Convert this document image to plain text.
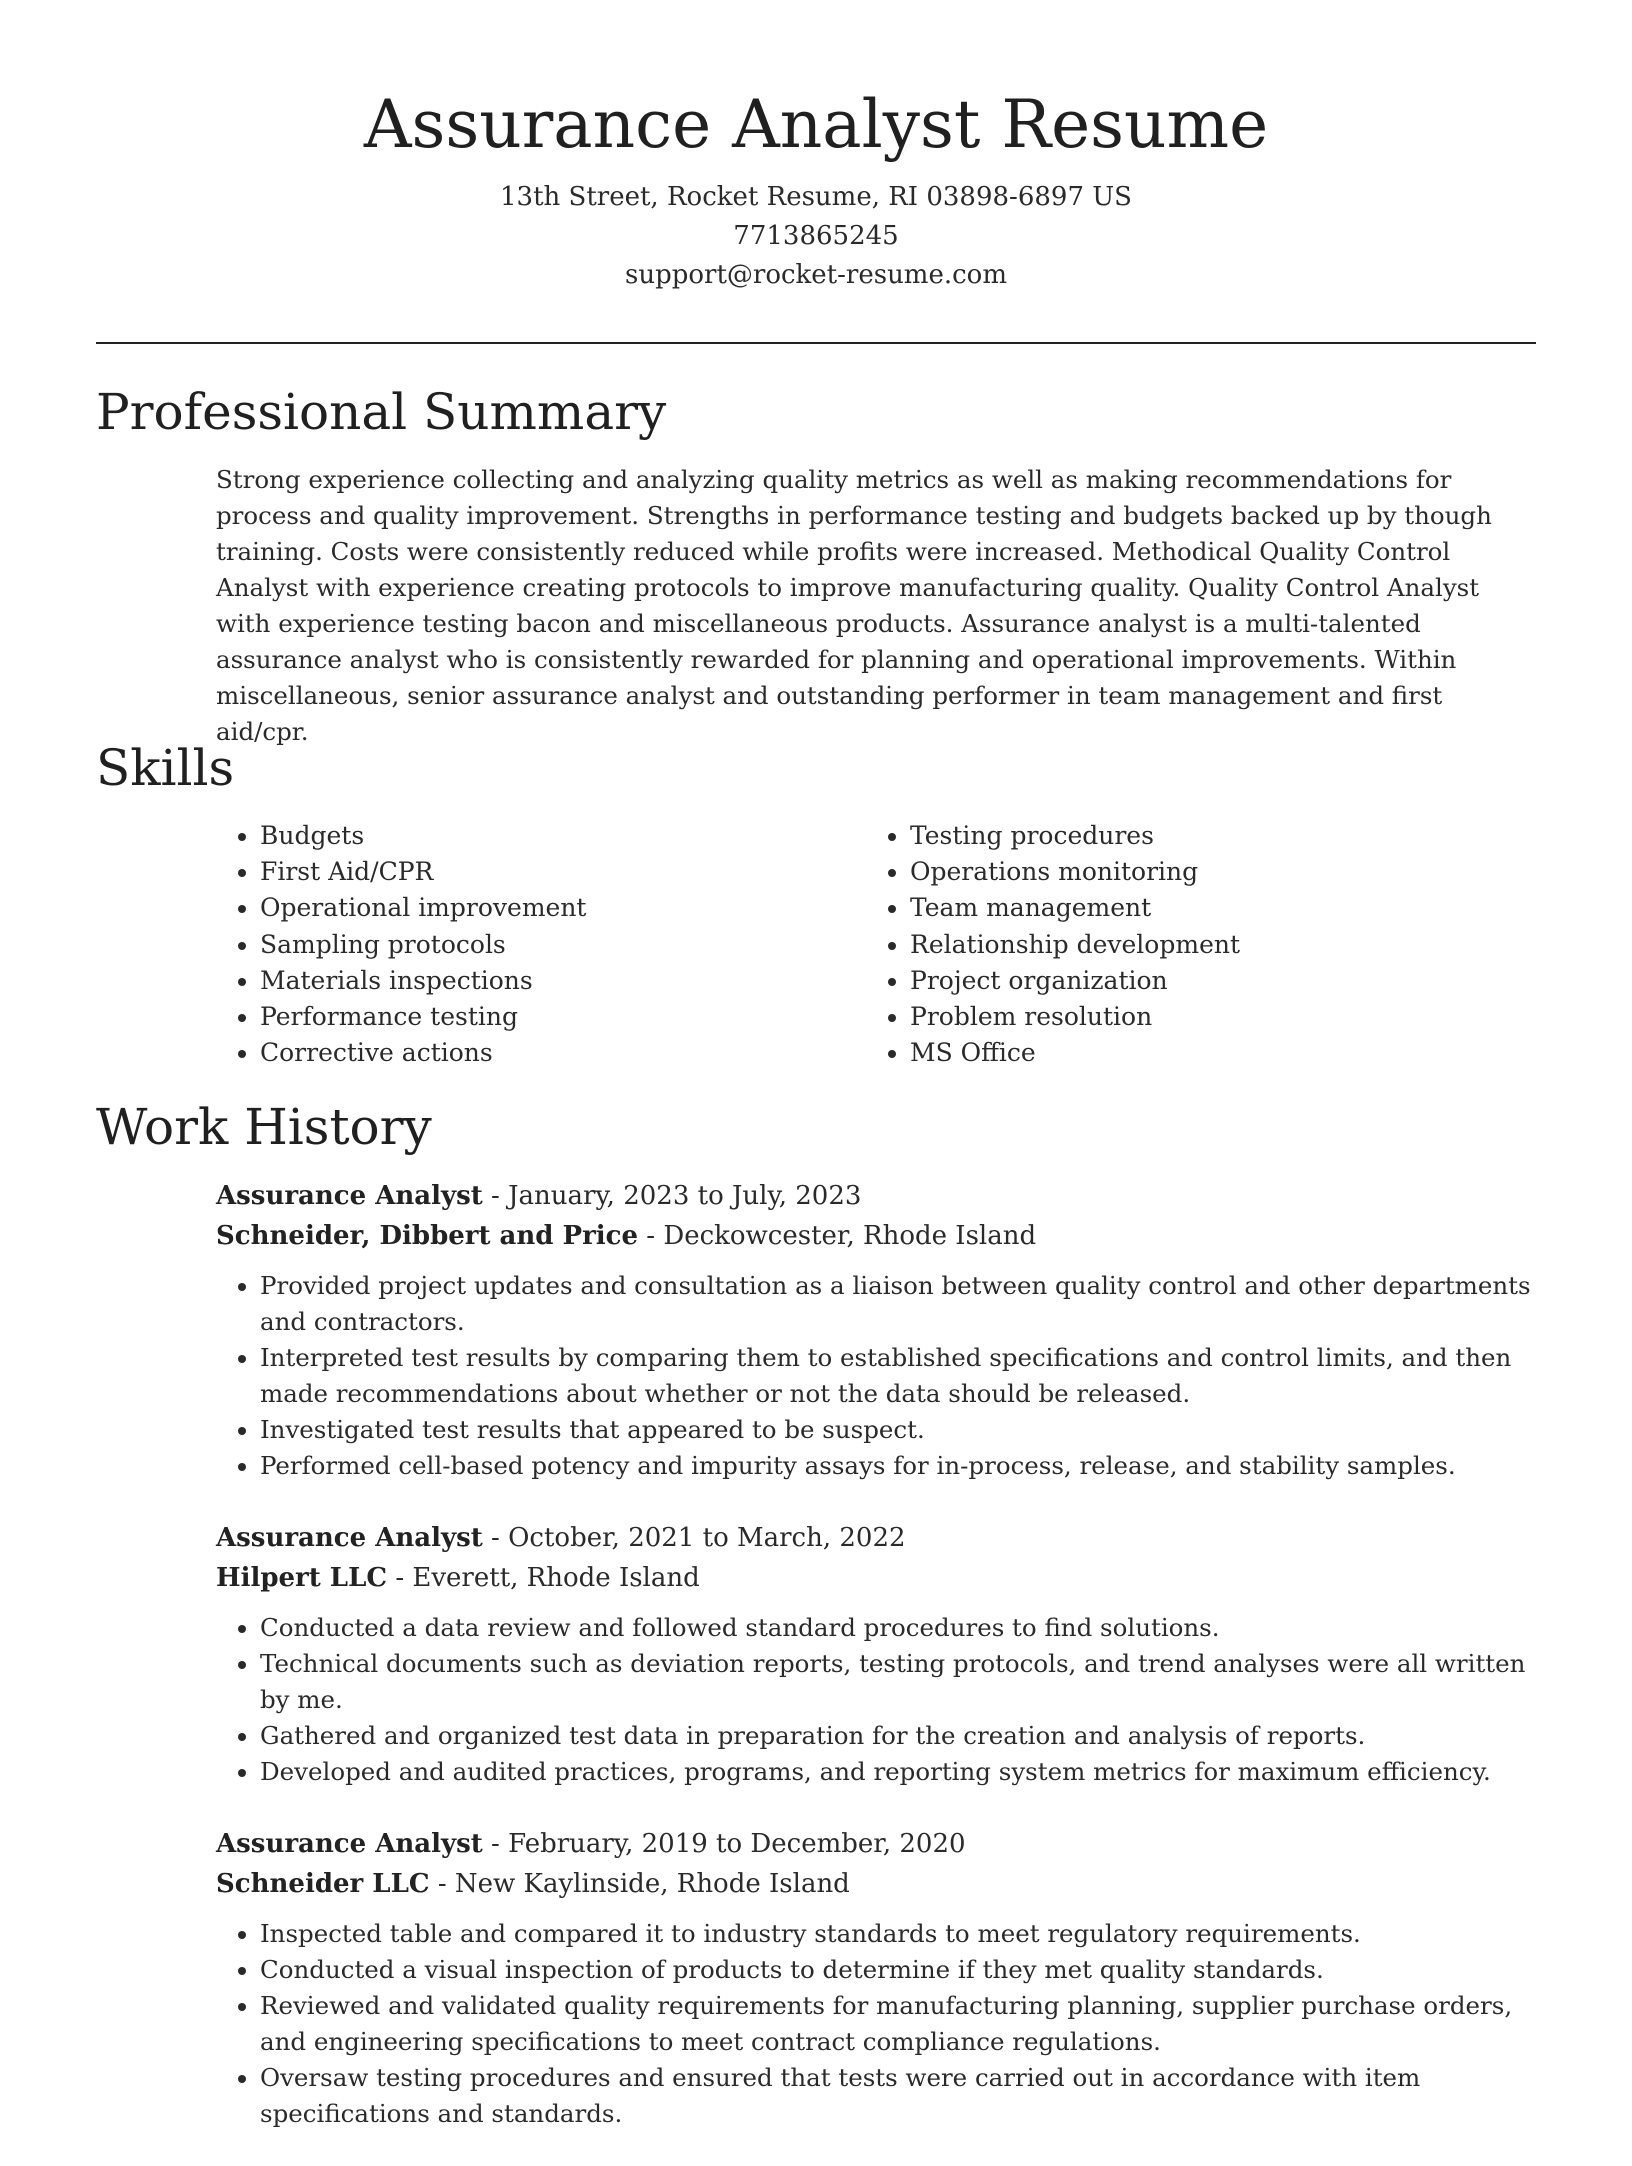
Assurance Analyst Resume
13th Street, Rocket Resume, RI 03898-6897 US
7713865245
support@rocket-resume.com
Professional Summary

Strong experience collecting and analyzing quality metrics as well as making recommendations for process and quality improvement. Strengths in performance testing and budgets backed up by though training. Costs were consistently reduced while profits were increased. Methodical Quality Control Analyst with experience creating protocols to improve manufacturing quality. Quality Control Analyst with experience testing bacon and miscellaneous products. Assurance analyst is a multi-talented assurance analyst who is consistently rewarded for planning and operational improvements. Within miscellaneous, senior assurance analyst and outstanding performer in team management and first aid/cpr.

Skills
• Budgets
• First Aid/CPR
• Operational improvement
• Sampling protocols
• Materials inspections
• Performance testing
• Corrective actions
• Testing procedures
• Operations monitoring
• Team management
• Relationship development
• Project organization
• Problem resolution
• MS Office
Work History
Assurance Analyst - January, 2023 to July, 2023
Schneider, Dibbert and Price - Deckowcester, Rhode Island
• Provided project updates and consultation as a liaison between quality control and other departments and contractors.
• Interpreted test results by comparing them to established specifications and control limits, and then made recommendations about whether or not the data should be released.
• Investigated test results that appeared to be suspect.
• Performed cell-based potency and impurity assays for in-process, release, and stability samples.
Assurance Analyst - October, 2021 to March, 2022
Hilpert LLC - Everett, Rhode Island
• Conducted a data review and followed standard procedures to find solutions.
• Technical documents such as deviation reports, testing protocols, and trend analyses were all written by me.
• Gathered and organized test data in preparation for the creation and analysis of reports.
• Developed and audited practices, programs, and reporting system metrics for maximum efficiency.
Assurance Analyst - February, 2019 to December, 2020
Schneider LLC - New Kaylinside, Rhode Island
• Inspected table and compared it to industry standards to meet regulatory requirements.
• Conducted a visual inspection of products to determine if they met quality standards.
• Reviewed and validated quality requirements for manufacturing planning, supplier purchase orders, and engineering specifications to meet contract compliance regulations.
• Oversaw testing procedures and ensured that tests were carried out in accordance with item specifications and standards.
